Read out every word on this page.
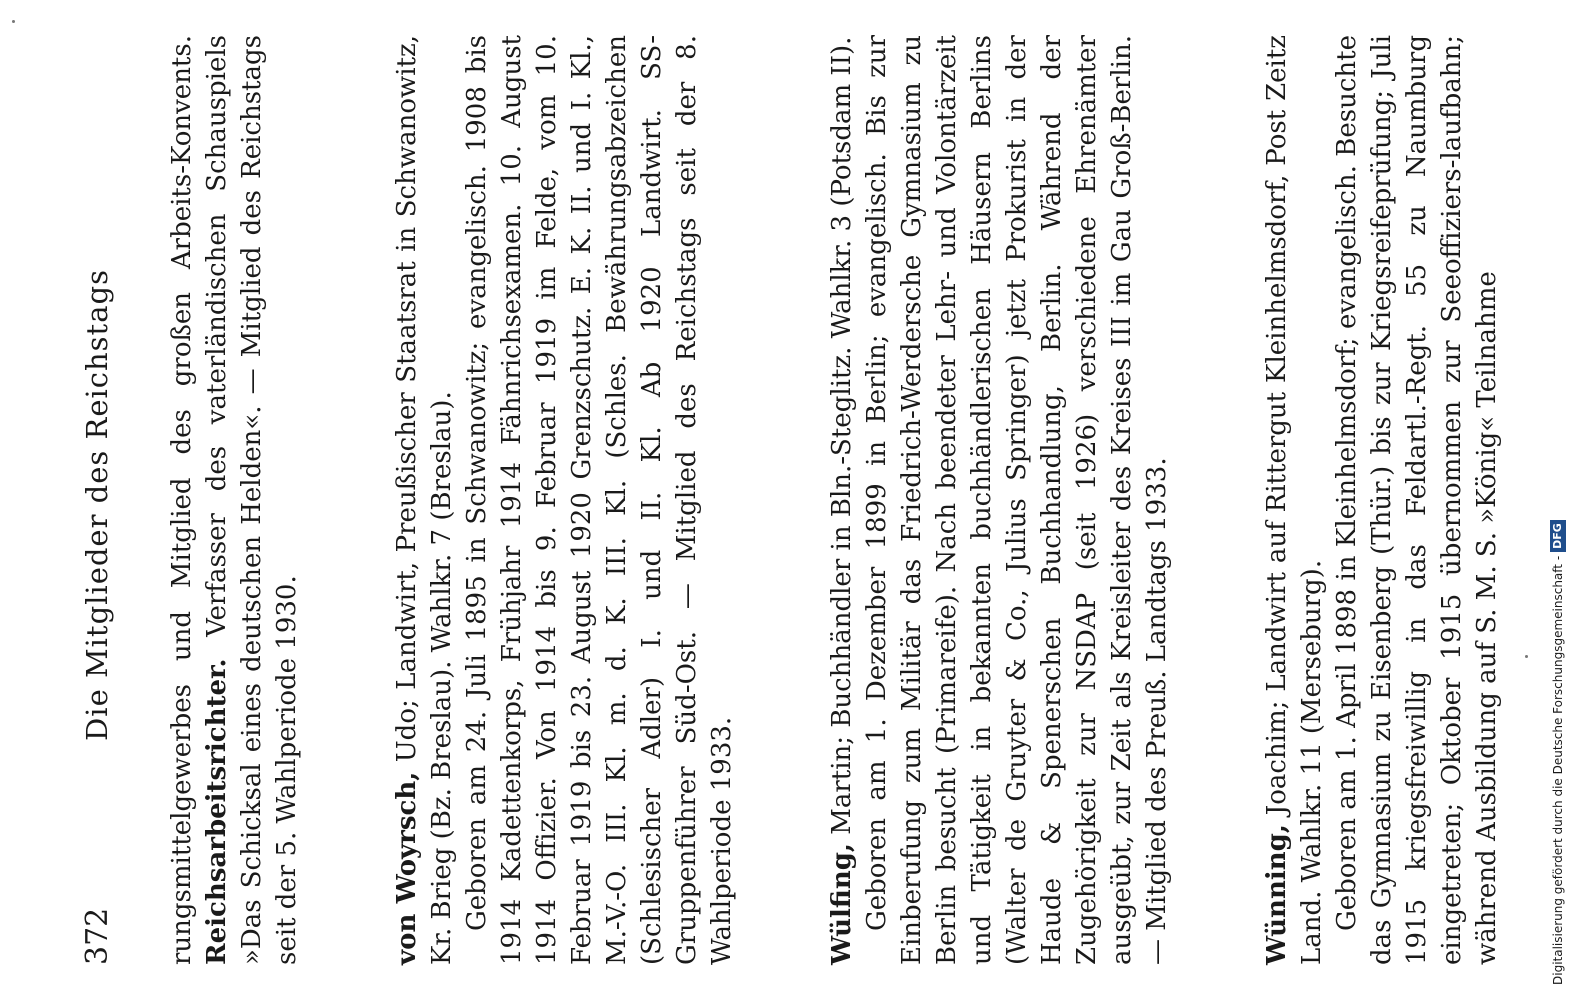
372
Die Mitglieder des Reichstags rungsmittelgewerbes und Mitglied des großen Arbeits-Konvents. Reichsarbeitsrichter. Verfasser des vaterländischen Schauspiels »Das Schicksal eines deutschen Helden«. — Mitglied des Reichstags seit der 5. Wahlperiode 1930.	von Woyrsch, Udo; Landwirt, Preußischer Staatsrat in Schwanowitz, Kr. Brieg (Bz. Breslau). Wahlkr. 7 (Breslau). Geboren am 24. Juli 1895 in Schwanowitz; evangelisch. 1908 bis 1914 Kadettenkorps, Frühjahr 1914 Fähnrichsexamen. 10. August 1914 Offizier. Von 1914 bis 9. Februar 1919 im Felde, vom 10. Februar 1919 bis 23. August 1920 Grenzschutz. E. K. II. und I. Kl., M.-V.-O. III. Kl. m. d. K. III. Kl. (Schles. Bewährungsabzeichen (Schlesischer Adler) I. und II. Kl. Ab 1920 Landwirt. SS-Gruppenführer Süd-Ost. — Mitglied des Reichstags seit der 8. Wahlperiode 1933.	Wülfing, Martin; Buchhändler in Bln.-Steglitz. Wahlkr. 3 (Potsdam II). Geboren am 1. Dezember 1899 in Berlin; evangelisch. Bis zur Einberufung zum Militär das Friedrich-Werdersche Gymnasium zu Berlin besucht (Primareife). Nach beendeter Lehr- und Volontärzeit und Tätigkeit in bekannten buchhändlerischen Häusern Berlins (Walter de Gruyter & Co., Julius Springer) jetzt Prokurist in der Haude & Spenerschen Buchhandlung, Berlin. Während der Zugehörigkeit zur NSDAP (seit 1926) verschiedene Ehrenämter ausgeübt, zur Zeit als Kreisleiter des Kreises III im Gau Groß-Berlin. — Mitglied des Preuß. Landtags 1933.	Wünning, Joachim; Landwirt auf Rittergut Kleinhelmsdorf, Post Zeitz Land. Wahlkr. 11 (Merseburg). Geboren am 1. April 1898 in Kleinhelmsdorf; evangelisch. Besuchte das Gymnasium zu Eisenberg (Thür.) bis zur Kriegsreifeprüfung; Juli 1915 kriegsfreiwillig in das Feldartl.-Regt. 55 zu Naumburg eingetreten; Oktober 1915 übernommen zur Seeoffiziers-laufbahn; während Ausbildung auf S. M. S. »König« Teilnahme	Digitalisierung gefördert durch die Deutsche Forschungsgemeinschaft -
DFG
